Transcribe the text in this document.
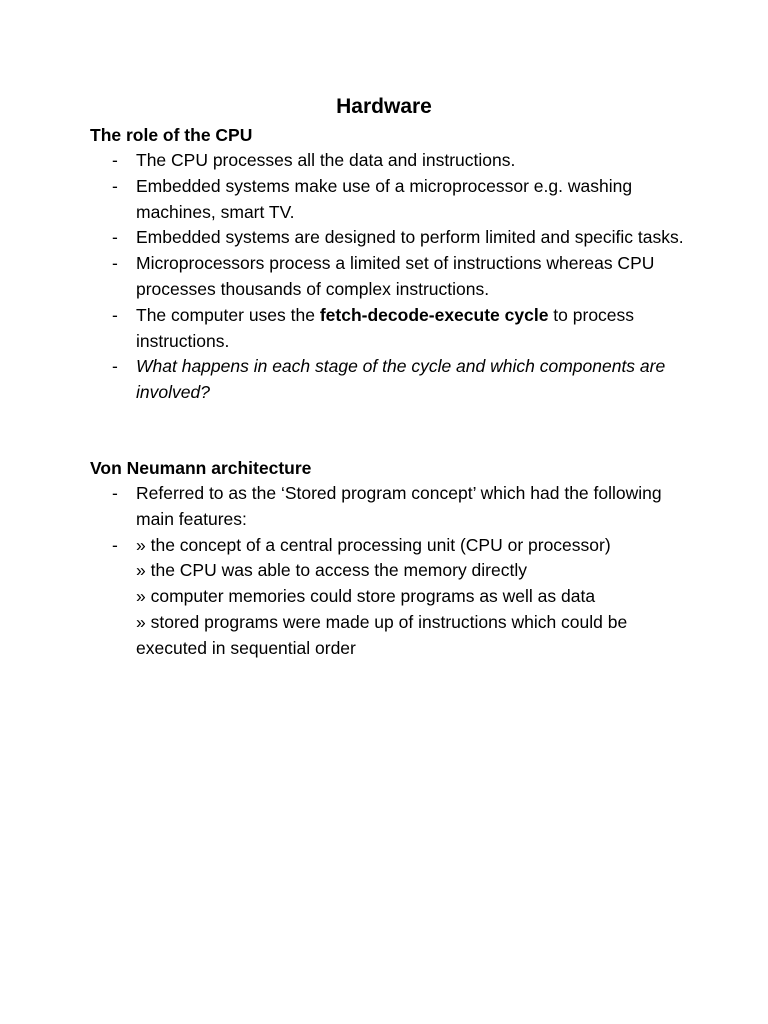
Hardware

The role of the CPU

- The CPU processes all the data and instructions.
- Embedded systems make use of a microprocessor e.g. washing machines, smart TV.
- Embedded systems are designed to perform limited and specific tasks.
- Microprocessors process a limited set of instructions whereas CPU processes thousands of complex instructions.
- The computer uses the fetch-decode-execute cycle to process instructions.
- What happens in each stage of the cycle and which components are involved?

Von Neumann architecture

- Referred to as the ‘Stored program concept’ which had the following main features:
- » the concept of a central processing unit (CPU or processor)
» the CPU was able to access the memory directly
» computer memories could store programs as well as data
» stored programs were made up of instructions which could be executed in sequential order
